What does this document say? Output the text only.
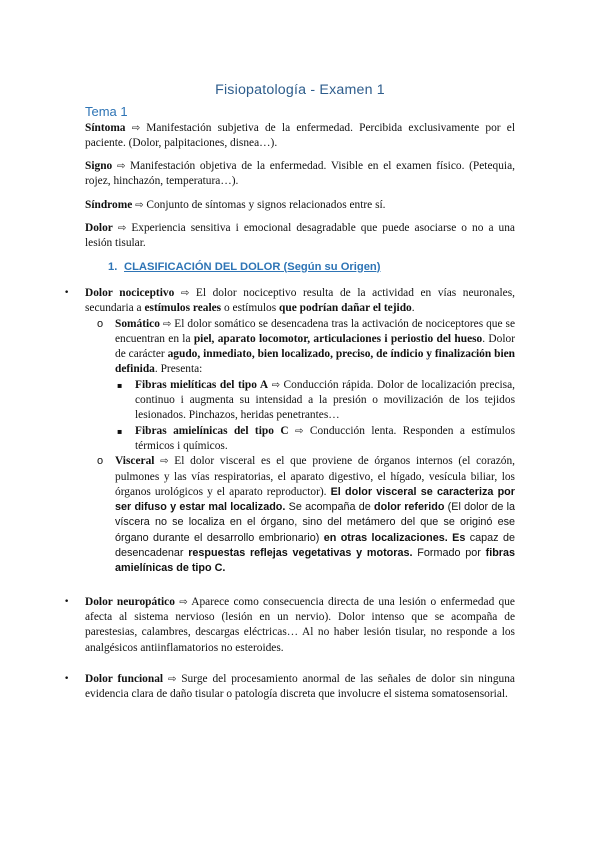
Fisiopatología - Examen 1
Tema 1

Síntoma ⇨ Manifestación subjetiva de la enfermedad. Percibida exclusivamente por el paciente. (Dolor, palpitaciones, disnea…).

Signo ⇨ Manifestación objetiva de la enfermedad. Visible en el examen físico. (Petequia, rojez, hinchazón, temperatura…).

Síndrome ⇨ Conjunto de síntomas y signos relacionados entre sí.

Dolor ⇨ Experiencia sensitiva i emocional desagradable que puede asociarse o no a una lesión tisular.

1. CLASIFICACIÓN DEL DOLOR (Según su Origen)
• Dolor nociceptivo ⇨ El dolor nociceptivo resulta de la actividad en vías neuronales, secundaria a estímulos reales o estímulos que podrían dañar el tejido.
o Somático ⇨ El dolor somático se desencadena tras la activación de nociceptores que se encuentran en la piel, aparato locomotor, articulaciones i periostio del hueso. Dolor de carácter agudo, inmediato, bien localizado, preciso, de índicio y finalización bien definida. Presenta:
▪ Fibras mielíticas del tipo A ⇨ Conducción rápida. Dolor de localización precisa, continuo i augmenta su intensidad a la presión o movilización de los tejidos lesionados. Pinchazos, heridas penetrantes…
▪ Fibras amielínicas del tipo C ⇨ Conducción lenta. Responden a estímulos térmicos i químicos.
o Visceral ⇨ El dolor visceral es el que proviene de órganos internos (el corazón, pulmones y las vías respiratorias, el aparato digestivo, el hígado, vesícula biliar, los órganos urológicos y el aparato reproductor). El dolor visceral se caracteriza por ser difuso y estar mal localizado. Se acompaña de dolor referido (El dolor de la víscera no se localiza en el órgano, sino del metámero del que se originó ese órgano durante el desarrollo embrionario) en otras localizaciones. Es capaz de desencadenar respuestas reflejas vegetativas y motoras. Formado por fibras amielínicas de tipo C.
• Dolor neuropático ⇨ Aparece como consecuencia directa de una lesión o enfermedad que afecta al sistema nervioso (lesión en un nervio). Dolor intenso que se acompaña de parestesias, calambres, descargas eléctricas… Al no haber lesión tisular, no responde a los analgésicos antiinflamatorios no esteroides.
• Dolor funcional ⇨ Surge del procesamiento anormal de las señales de dolor sin ninguna evidencia clara de daño tisular o patología discreta que involucre el sistema somatosensorial.
